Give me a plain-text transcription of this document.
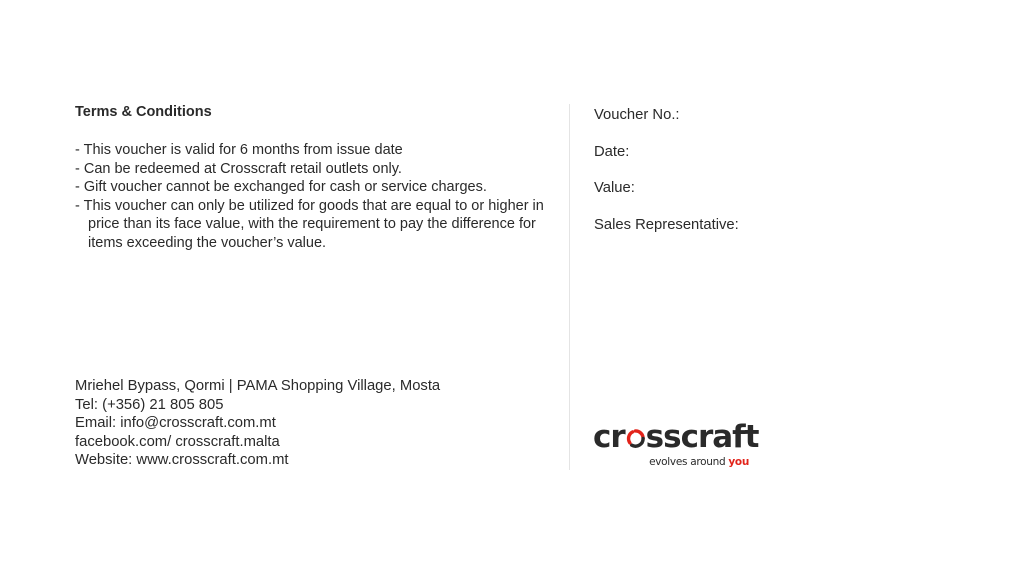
Terms & Conditions
- This voucher is valid for 6 months from issue date
- Can be redeemed at Crosscraft retail outlets only.
- Gift voucher cannot be exchanged for cash or service charges.
- This voucher can only be utilized for goods that are equal to or higher in price than its face value, with the requirement to pay the difference for items exceeding the voucher’s value.
Mriehel Bypass, Qormi | PAMA Shopping Village, Mosta
Tel: (+356) 21 805 805
Email: info@crosscraft.com.mt
facebook.com/ crosscraft.malta
Website: www.crosscraft.com.mt
Voucher No.:
Date:
Value:
Sales Representative:
cr sscraft
evolves around you
